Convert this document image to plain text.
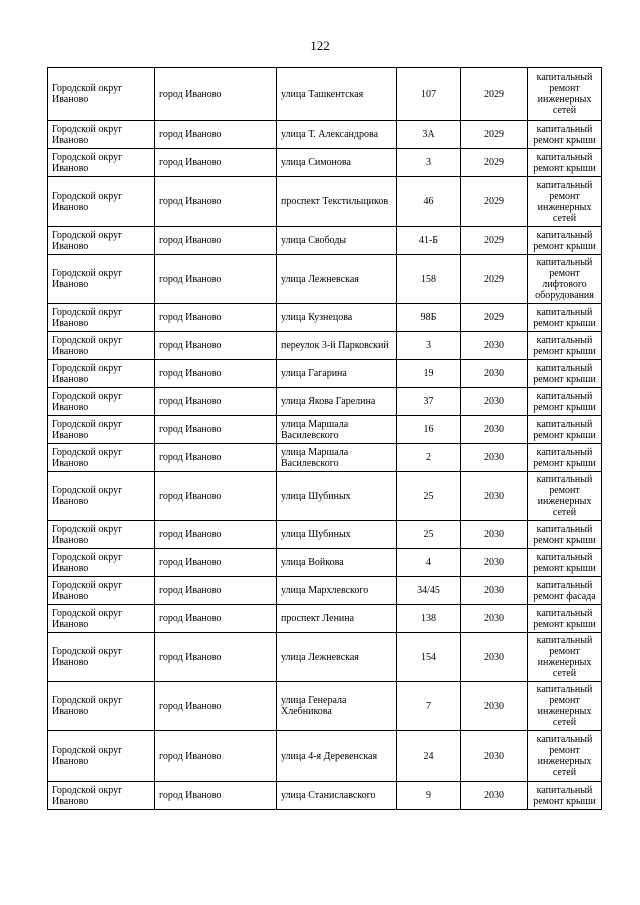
122
Городской округ Иваново	город Иваново	улица Ташкентская	107	2029	капитальный ремонт инженерных сетей
Городской округ Иваново	город Иваново	улица Т. Александрова	3А	2029	капитальный ремонт крыши
Городской округ Иваново	город Иваново	улица Симонова	3	2029	капитальный ремонт крыши
Городской округ Иваново	город Иваново	проспект Текстильщиков	46	2029	капитальный ремонт инженерных сетей
Городской округ Иваново	город Иваново	улица Свободы	41-Б	2029	капитальный ремонт крыши
Городской округ Иваново	город Иваново	улица Лежневская	158	2029	капитальный ремонт лифтового оборудования
Городской округ Иваново	город Иваново	улица Кузнецова	98Б	2029	капитальный ремонт крыши
Городской округ Иваново	город Иваново	переулок 3-й Парковский	3	2030	капитальный ремонт крыши
Городской округ Иваново	город Иваново	улица Гагарина	19	2030	капитальный ремонт крыши
Городской округ Иваново	город Иваново	улица Якова Гарелина	37	2030	капитальный ремонт крыши
Городской округ Иваново	город Иваново	улица Маршала Василевского	16	2030	капитальный ремонт крыши
Городской округ Иваново	город Иваново	улица Маршала Василевского	2	2030	капитальный ремонт крыши
Городской округ Иваново	город Иваново	улица Шубиных	25	2030	капитальный ремонт инженерных сетей
Городской округ Иваново	город Иваново	улица Шубиных	25	2030	капитальный ремонт крыши
Городской округ Иваново	город Иваново	улица Войкова	4	2030	капитальный ремонт крыши
Городской округ Иваново	город Иваново	улица Мархлевского	34/45	2030	капитальный ремонт фасада
Городской округ Иваново	город Иваново	проспект Ленина	138	2030	капитальный ремонт крыши
Городской округ Иваново	город Иваново	улица Лежневская	154	2030	капитальный ремонт инженерных сетей
Городской округ Иваново	город Иваново	улица Генерала Хлебникова	7	2030	капитальный ремонт инженерных сетей
Городской округ Иваново	город Иваново	улица 4-я Деревенская	24	2030	капитальный ремонт инженерных сетей
Городской округ Иваново	город Иваново	улица Станиславского	9	2030	капитальный ремонт крыши
